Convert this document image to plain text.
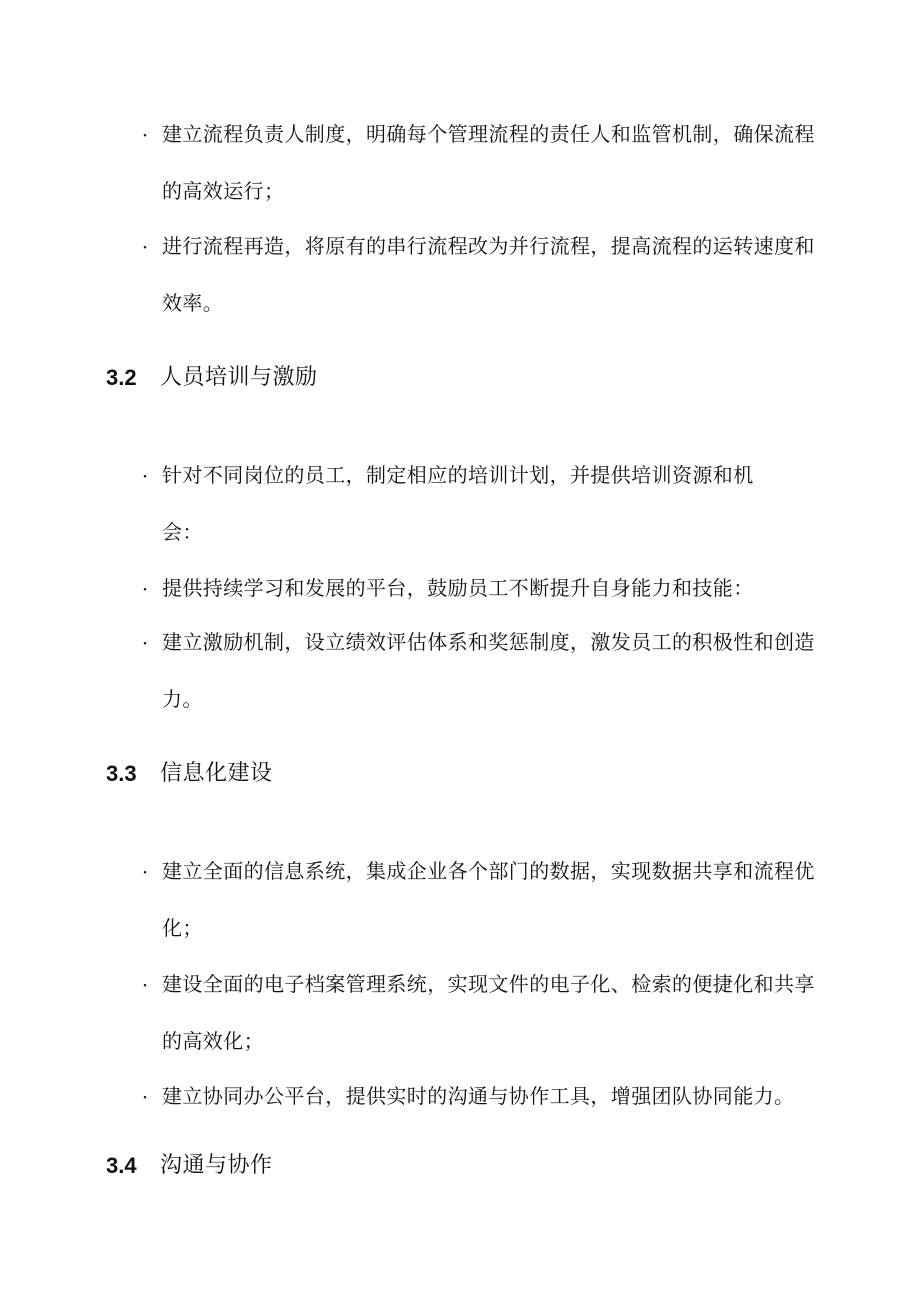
· 建立流程负责人制度，明确每个管理流程的责任人和监管机制，确保流程的高效运行；
· 进行流程再造，将原有的串行流程改为并行流程，提高流程的运转速度和效率。
3.2 人员培训与激励
· 针对不同岗位的员工，制定相应的培训计划，并提供培训资源和机会：
· 提供持续学习和发展的平台，鼓励员工不断提升自身能力和技能：
· 建立激励机制，设立绩效评估体系和奖惩制度，激发员工的积极性和创造力。
3.3 信息化建设
· 建立全面的信息系统，集成企业各个部门的数据，实现数据共享和流程优化；
· 建设全面的电子档案管理系统，实现文件的电子化、检索的便捷化和共享的高效化；
· 建立协同办公平台，提供实时的沟通与协作工具，增强团队协同能力。
3.4 沟通与协作
